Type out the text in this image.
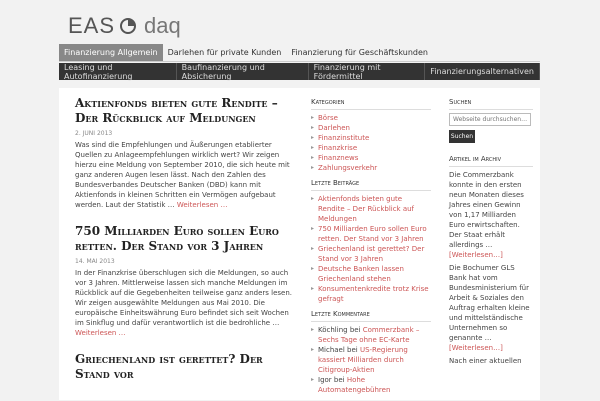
EAS daq
Finanzierung Allgemein	Darlehen für private Kunden	Finanzierung für Geschäftskunden
Leasing und Autofinanzierung
Baufinanzierung und Absicherung
Finanzierung mit Fördermittel	Finanzierungsalternativen
Aktienfonds bieten gute Rendite – Der Rückblick auf Meldungen
2. JUNI 2013

Was sind die Empfehlungen und Äußerungen etablierter Quellen zu Anlageempfehlungen wirklich wert? Wir zeigen hierzu eine Meldung von September 2010, die sich heute mit ganz anderen Augen lesen lässt. Nach den Zahlen des Bundesverbandes Deutscher Banken (DBD) kann mit Aktienfonds in kleinen Schritten ein Vermögen aufgebaut werden. Laut der Statistik … Weiterlesen …

750 Milliarden Euro sollen Euro retten. Der Stand vor 3 Jahren
14. MAI 2013

In der Finanzkrise überschlugen sich die Meldungen, so auch vor 3 Jahren. Mittlerweise lassen sich manche Meldungen im Rückblick auf die Gegebenheiten teilweise ganz anders lesen. Wir zeigen ausgewählte Meldungen aus Mai 2010. Die europäische Einheitswährung Euro befindet sich seit Wochen im Sinkflug und dafür verantwortlich ist die bedrohliche … Weiterlesen …

Griechenland ist gerettet? Der Stand vor
Kategorien
▸ Börse
▸ Darlehen
▸ Finanzinstitute
▸ Finanzkrise
▸ Finanznews
▸ Zahlungsverkehr
Letzte Beiträge
▸ Aktienfonds bieten gute Rendite – Der Rückblick auf Meldungen
▸ 750 Milliarden Euro sollen Euro retten. Der Stand vor 3 Jahren
▸ Griechenland ist gerettet? Der Stand vor 3 Jahren
▸ Deutsche Banken lassen Griechenland stehen
▸ Konsumentenkredite trotz Krise gefragt
Letzte Kommentare
▸ Köchling bei Commerzbank – Sechs Tage ohne EC-Karte
▸ Michael bei US-Regierung kassiert Milliarden durch Citigroup-Aktien
▸ Igor bei Hohe Automatengebühren
Suchen
Webseite durchsuchen… Suchen
Artikel im Archiv
Die Commerzbank konnte in den ersten neun Monaten dieses Jahres einen Gewinn von 1,17 Milliarden Euro erwirtschaften. Der Staat erhält allerdings … [Weiterlesen…]
Die Bochumer GLS Bank hat vom Bundesministerium für Arbeit & Soziales den Auftrag erhalten kleine und mittelständische Unternehmen so genannte … [Weiterlesen…]
Nach einer aktuellen
